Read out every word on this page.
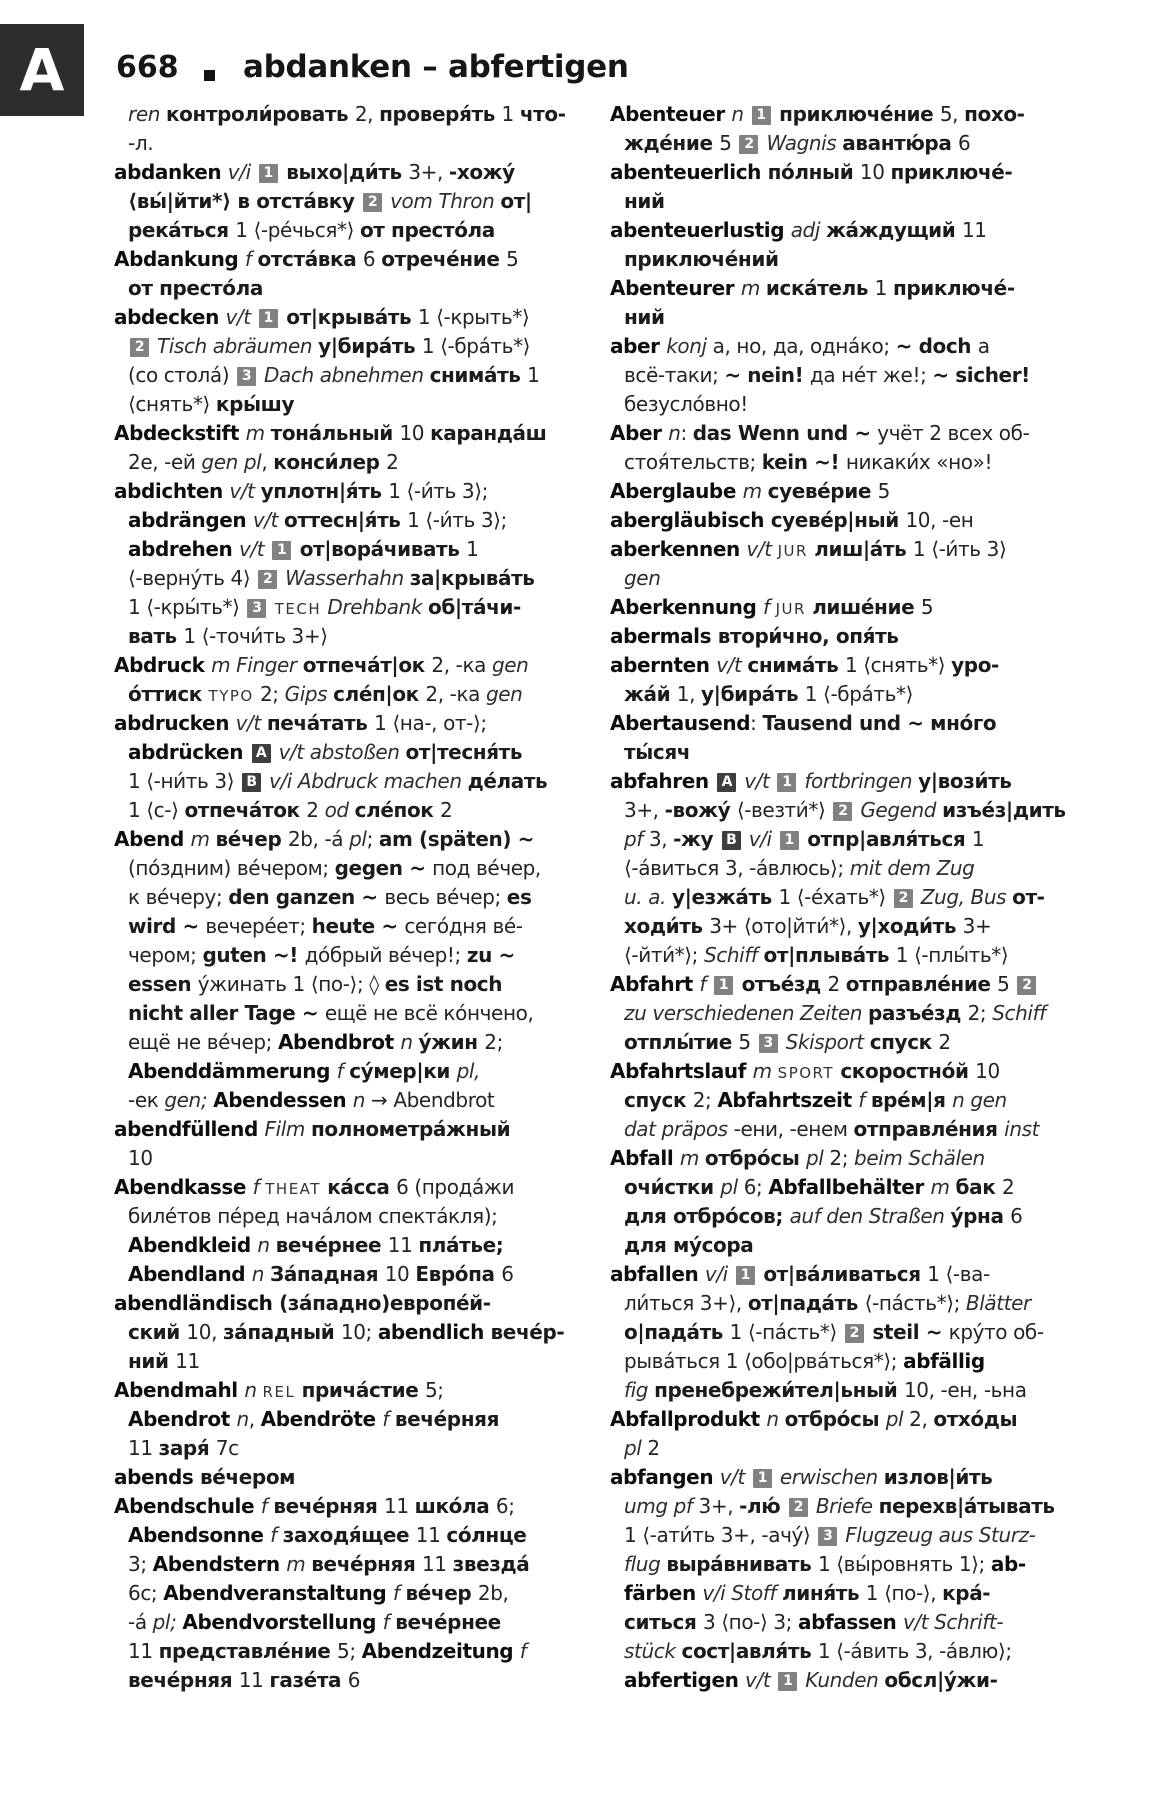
A 668 abdanken – abfertigen
ren контроли́ровать 2, проверя́ть 1 что-
-л.
abdanken v/i 1 выхо|ди́ть 3+, -хожу́
⟨вы́|йти*⟩ в отста́вку 2 vom Thron от|
река́ться 1 ⟨-ре́чься*⟩ от престо́ла
Abdankung f отста́вка 6 отрече́ние 5
от престо́ла
abdecken v/t 1 от|крыва́ть 1 ⟨-крыть*⟩
2 Tisch abräumen у|бира́ть 1 ⟨-бра́ть*⟩
(со стола́) 3 Dach abnehmen снима́ть 1
⟨снять*⟩ кры́шу
Abdeckstift m тона́льный 10 каранда́ш
2e, -ей gen pl, конси́лер 2
abdichten v/t уплотн|я́ть 1 ⟨-и́ть 3⟩;
abdrängen v/t оттесн|я́ть 1 ⟨-и́ть 3⟩;
abdrehen v/t 1 от|вора́чивать 1
⟨-верну́ть 4⟩ 2 Wasserhahn за|крыва́ть
1 ⟨-кры́ть*⟩ 3 TECH Drehbank об|та́чи-
вать 1 ⟨-точи́ть 3+⟩
Abdruck m Finger отпеча́т|ок 2, -ка gen
о́ттиск TYPO 2; Gips сле́п|ок 2, -ка gen
abdrucken v/t печа́тать 1 ⟨на-, от-⟩;
abdrücken A v/t abstoßen от|тесня́ть
1 ⟨-ни́ть 3⟩ B v/i Abdruck machen де́лать
1 ⟨с-⟩ отпеча́ток 2 od сле́пок 2
Abend m ве́чер 2b, -а́ pl; am (späten) ~
(по́здним) ве́чером; gegen ~ под ве́чер,
к ве́черу; den ganzen ~ весь ве́чер; es
wird ~ вечере́ет; heute ~ сего́дня ве́-
чером; guten ~! до́брый ве́чер!; zu ~
essen у́жинать 1 ⟨по-⟩; ◊ es ist noch
nicht aller Tage ~ ещё не всё ко́нчено,
ещё не ве́чер; Abendbrot n у́жин 2;
Abenddämmerung f су́мер|ки pl,
-ек gen; Abendessen n → Abendbrot
abendfüllend Film полнометра́жный
10
Abendkasse f THEAT ка́сса 6 (прода́жи
биле́тов пе́ред нача́лом спекта́кля);
Abendkleid n вече́рнее 11 пла́тье;
Abendland n За́падная 10 Евро́па 6
abendländisch (за́падно)европе́й-
ский 10, за́падный 10; abendlich вече́р-
ний 11
Abendmahl n REL прича́стие 5;
Abendrot n, Abendröte f вече́рняя
11 заря́ 7c
abends ве́чером
Abendschule f вече́рняя 11 шко́ла 6;
Abendsonne f заходя́щее 11 со́лнце
3; Abendstern m вече́рняя 11 звезда́
6c; Abendveranstaltung f ве́чер 2b,
-а́ pl; Abendvorstellung f вече́рнее
11 представле́ние 5; Abendzeitung f
вече́рняя 11 газе́та 6
Abenteuer n 1 приключе́ние 5, похо-
жде́ние 5 2 Wagnis авантю́ра 6
abenteuerlich по́лный 10 приключе́-
ний
abenteuerlustig adj жа́ждущий 11
приключе́ний
Abenteurer m иска́тель 1 приключе́-
ний
aber konj а, но, да, одна́ко; ~ doch а
всё-таки; ~ nein! да не́т же!; ~ sicher!
безусло́вно!
Aber n: das Wenn und ~ учёт 2 всех об-
стоя́тельств; kein ~! никаки́х «но»!
Aberglaube m суеве́рие 5
abergläubisch суеве́р|ный 10, -ен
aberkennen v/t JUR лиш|а́ть 1 ⟨-и́ть 3⟩
gen
Aberkennung f JUR лише́ние 5
abermals втори́чно, опя́ть
abernten v/t снима́ть 1 ⟨снять*⟩ уро-
жа́й 1, у|бира́ть 1 ⟨-бра́ть*⟩
Abertausend: Tausend und ~ мно́го
ты́сяч
abfahren A v/t 1 fortbringen у|вози́ть
3+, -вожу́ ⟨-везти́*⟩ 2 Gegend изъе́з|дить
pf 3, -жу B v/i 1 отпр|авля́ться 1
⟨-а́виться 3, -а́влюсь⟩; mit dem Zug
u. a. у|езжа́ть 1 ⟨-е́хать*⟩ 2 Zug, Bus от-
ходи́ть 3+ ⟨ото|йти́*⟩, у|ходи́ть 3+
⟨-йти́*⟩; Schiff от|плыва́ть 1 ⟨-плы́ть*⟩
Abfahrt f 1 отъе́зд 2 отправле́ние 5 2
zu verschiedenen Zeiten разъе́зд 2; Schiff
отплы́тие 5 3 Skisport спуск 2
Abfahrtslauf m SPORT скоростно́й 10
спуск 2; Abfahrtszeit f вре́м|я n gen
dat präpos -ени, -енем отправле́ния inst
Abfall m отбро́сы pl 2; beim Schälen
очи́стки pl 6; Abfallbehälter m бак 2
для отбро́сов; auf den Straßen у́рна 6
для му́сора
abfallen v/i 1 от|ва́ливаться 1 ⟨-ва-
ли́ться 3+⟩, от|пада́ть ⟨-па́сть*⟩; Blätter
о|пада́ть 1 ⟨-па́сть*⟩ 2 steil ~ кру́то об-
рыва́ться 1 ⟨обо|рва́ться*⟩; abfällig
fig пренебрежи́тел|ьный 10, -ен, -ьна
Abfallprodukt n отбро́сы pl 2, отхо́ды
pl 2
abfangen v/t 1 erwischen излов|и́ть
umg pf 3+, -лю́ 2 Briefe перехв|а́тывать
1 ⟨-ати́ть 3+, -ачу́⟩ 3 Flugzeug aus Sturz-
flug выра́внивать 1 ⟨вы́ровнять 1⟩; ab-
färben v/i Stoff линя́ть 1 ⟨по-⟩, кра́-
ситься 3 ⟨по-⟩ 3; abfassen v/t Schrift-
stück сост|авля́ть 1 ⟨-а́вить 3, -а́влю⟩;
abfertigen v/t 1 Kunden обсл|у́жи-
